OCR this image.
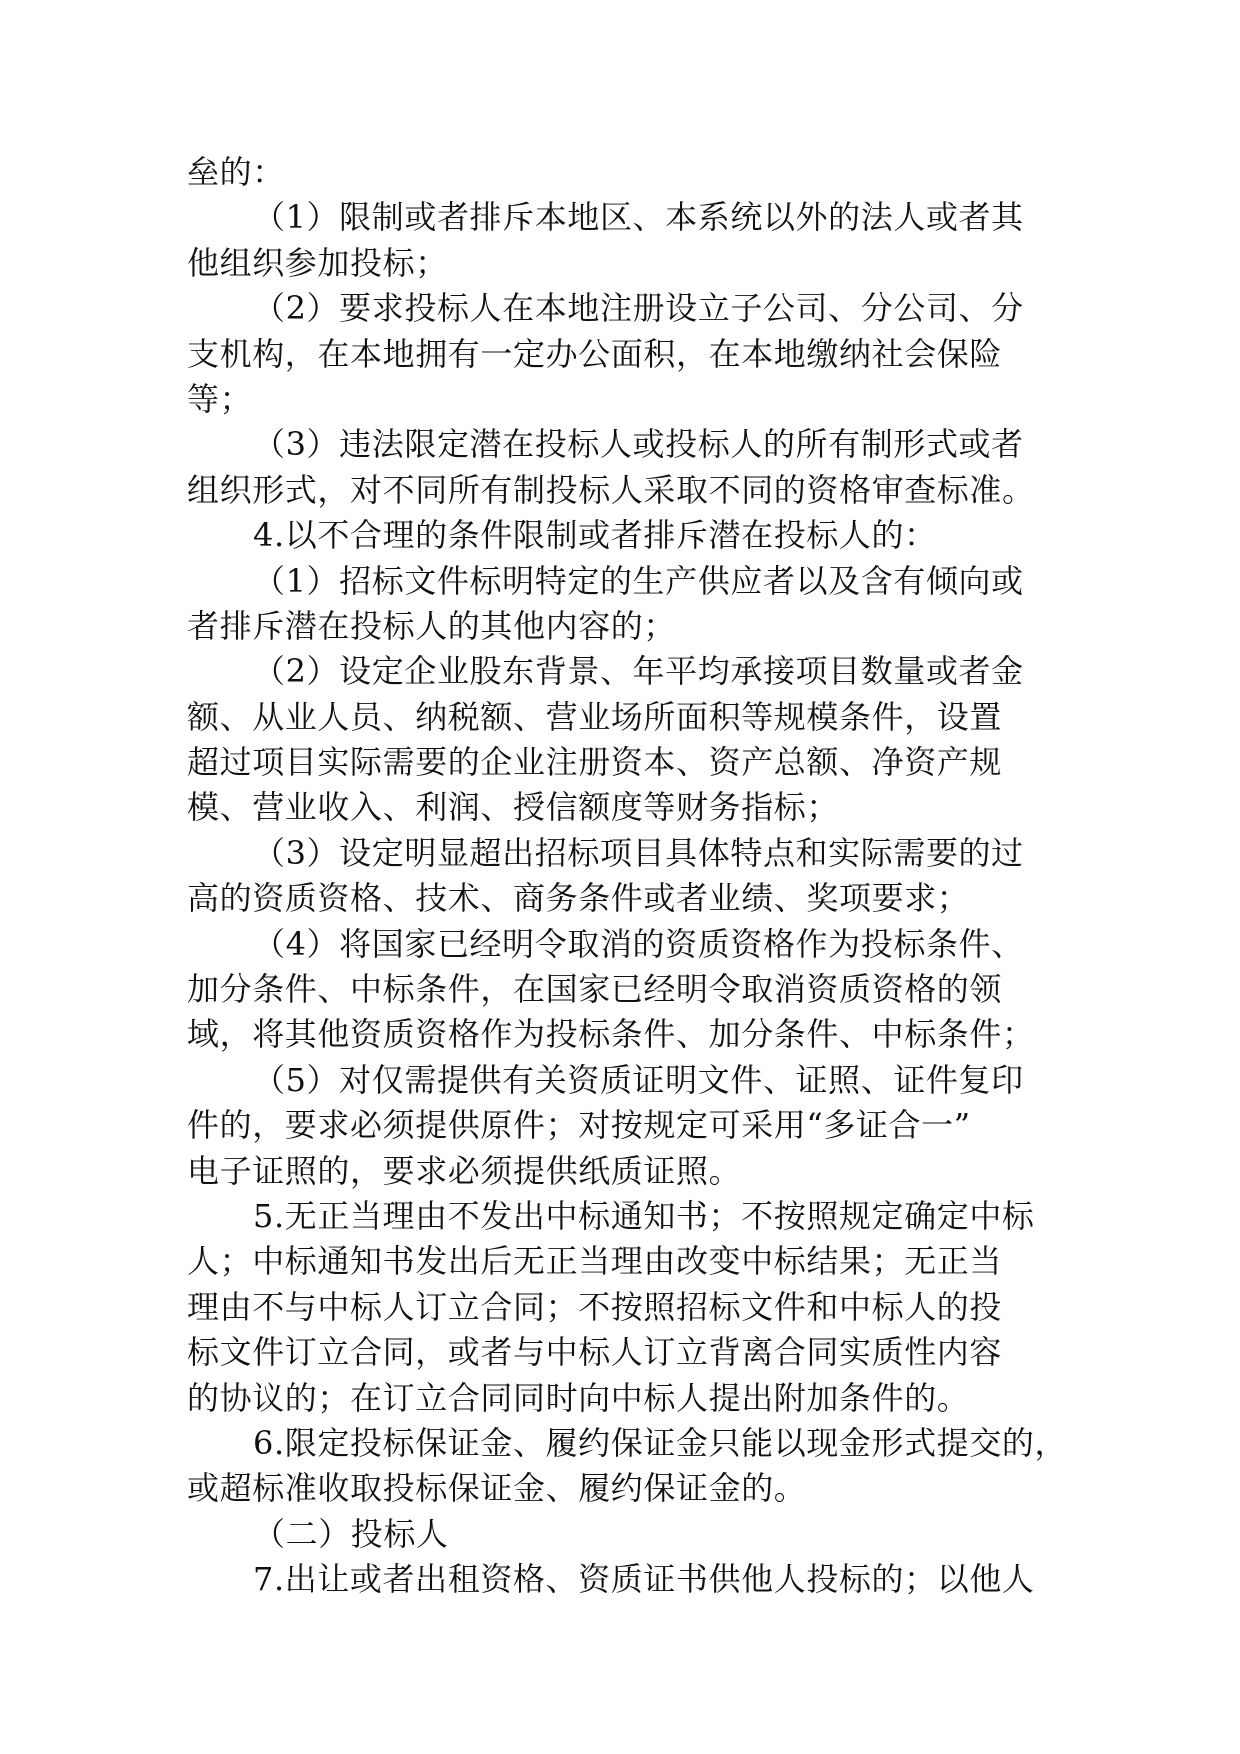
垒的：
（1）限制或者排斥本地区、本系统以外的法人或者其
他组织参加投标；
（2）要求投标人在本地注册设立子公司、分公司、分
支机构，在本地拥有一定办公面积，在本地缴纳社会保险
等；
（3）违法限定潜在投标人或投标人的所有制形式或者
组织形式，对不同所有制投标人采取不同的资格审查标准。
4.以不合理的条件限制或者排斥潜在投标人的：
（1）招标文件标明特定的生产供应者以及含有倾向或
者排斥潜在投标人的其他内容的；
（2）设定企业股东背景、年平均承接项目数量或者金
额、从业人员、纳税额、营业场所面积等规模条件，设置
超过项目实际需要的企业注册资本、资产总额、净资产规
模、营业收入、利润、授信额度等财务指标；
（3）设定明显超出招标项目具体特点和实际需要的过
高的资质资格、技术、商务条件或者业绩、奖项要求；
（4）将国家已经明令取消的资质资格作为投标条件、
加分条件、中标条件，在国家已经明令取消资质资格的领
域，将其他资质资格作为投标条件、加分条件、中标条件；
（5）对仅需提供有关资质证明文件、证照、证件复印
件的，要求必须提供原件；对按规定可采用“多证合一”
电子证照的，要求必须提供纸质证照。
5.无正当理由不发出中标通知书；不按照规定确定中标
人；中标通知书发出后无正当理由改变中标结果；无正当
理由不与中标人订立合同；不按照招标文件和中标人的投
标文件订立合同，或者与中标人订立背离合同实质性内容
的协议的；在订立合同同时向中标人提出附加条件的。
6.限定投标保证金、履约保证金只能以现金形式提交的，
或超标准收取投标保证金、履约保证金的。
（二）投标人
7.出让或者出租资格、资质证书供他人投标的；以他人
